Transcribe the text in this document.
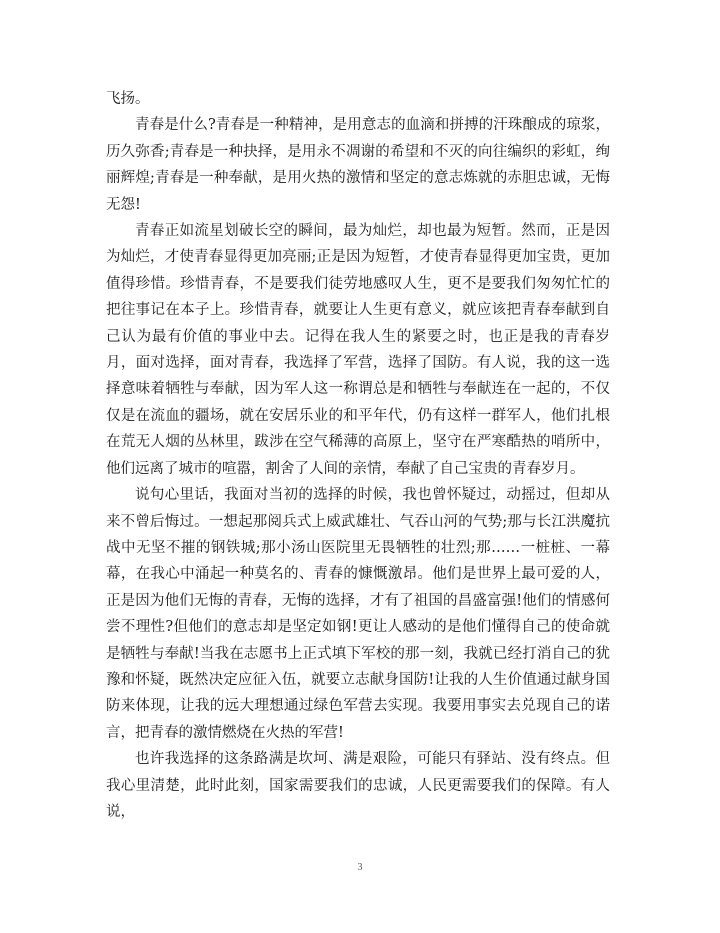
飞扬。

青春是什么?青春是一种精神，是用意志的血滴和拼搏的汗珠酿成的琼浆，历久弥香;青春是一种抉择，是用永不凋谢的希望和不灭的向往编织的彩虹，绚丽辉煌;青春是一种奉献，是用火热的激情和坚定的意志炼就的赤胆忠诚，无悔无怨!

青春正如流星划破长空的瞬间，最为灿烂，却也最为短暂。然而，正是因为灿烂，才使青春显得更加亮丽;正是因为短暂，才使青春显得更加宝贵，更加值得珍惜。珍惜青春，不是要我们徒劳地感叹人生，更不是要我们匆匆忙忙的把往事记在本子上。珍惜青春，就要让人生更有意义，就应该把青春奉献到自己认为最有价值的事业中去。记得在我人生的紧要之时，也正是我的青春岁月，面对选择，面对青春，我选择了军营，选择了国防。有人说，我的这一选择意味着牺牲与奉献，因为军人这一称谓总是和牺牲与奉献连在一起的，不仅仅是在流血的疆场，就在安居乐业的和平年代，仍有这样一群军人，他们扎根在荒无人烟的丛林里，跋涉在空气稀薄的高原上，坚守在严寒酷热的哨所中，他们远离了城市的喧嚣，割舍了人间的亲情，奉献了自己宝贵的青春岁月。

说句心里话，我面对当初的选择的时候，我也曾怀疑过，动摇过，但却从来不曾后悔过。一想起那阅兵式上威武雄壮、气吞山河的气势;那与长江洪魔抗战中无坚不摧的钢铁城;那小汤山医院里无畏牺牲的壮烈;那……一桩桩、一幕幕，在我心中涌起一种莫名的、青春的慷慨激昂。他们是世界上最可爱的人，正是因为他们无悔的青春，无悔的选择，才有了祖国的昌盛富强!他们的情感何尝不理性?但他们的意志却是坚定如钢!更让人感动的是他们懂得自己的使命就是牺牲与奉献!当我在志愿书上正式填下军校的那一刻，我就已经打消自己的犹豫和怀疑，既然决定应征入伍，就要立志献身国防!让我的人生价值通过献身国防来体现，让我的远大理想通过绿色军营去实现。我要用事实去兑现自己的诺言，把青春的激情燃烧在火热的军营!

也许我选择的这条路满是坎坷、满是艰险，可能只有驿站、没有终点。但我心里清楚，此时此刻，国家需要我们的忠诚，人民更需要我们的保障。有人说，

3
